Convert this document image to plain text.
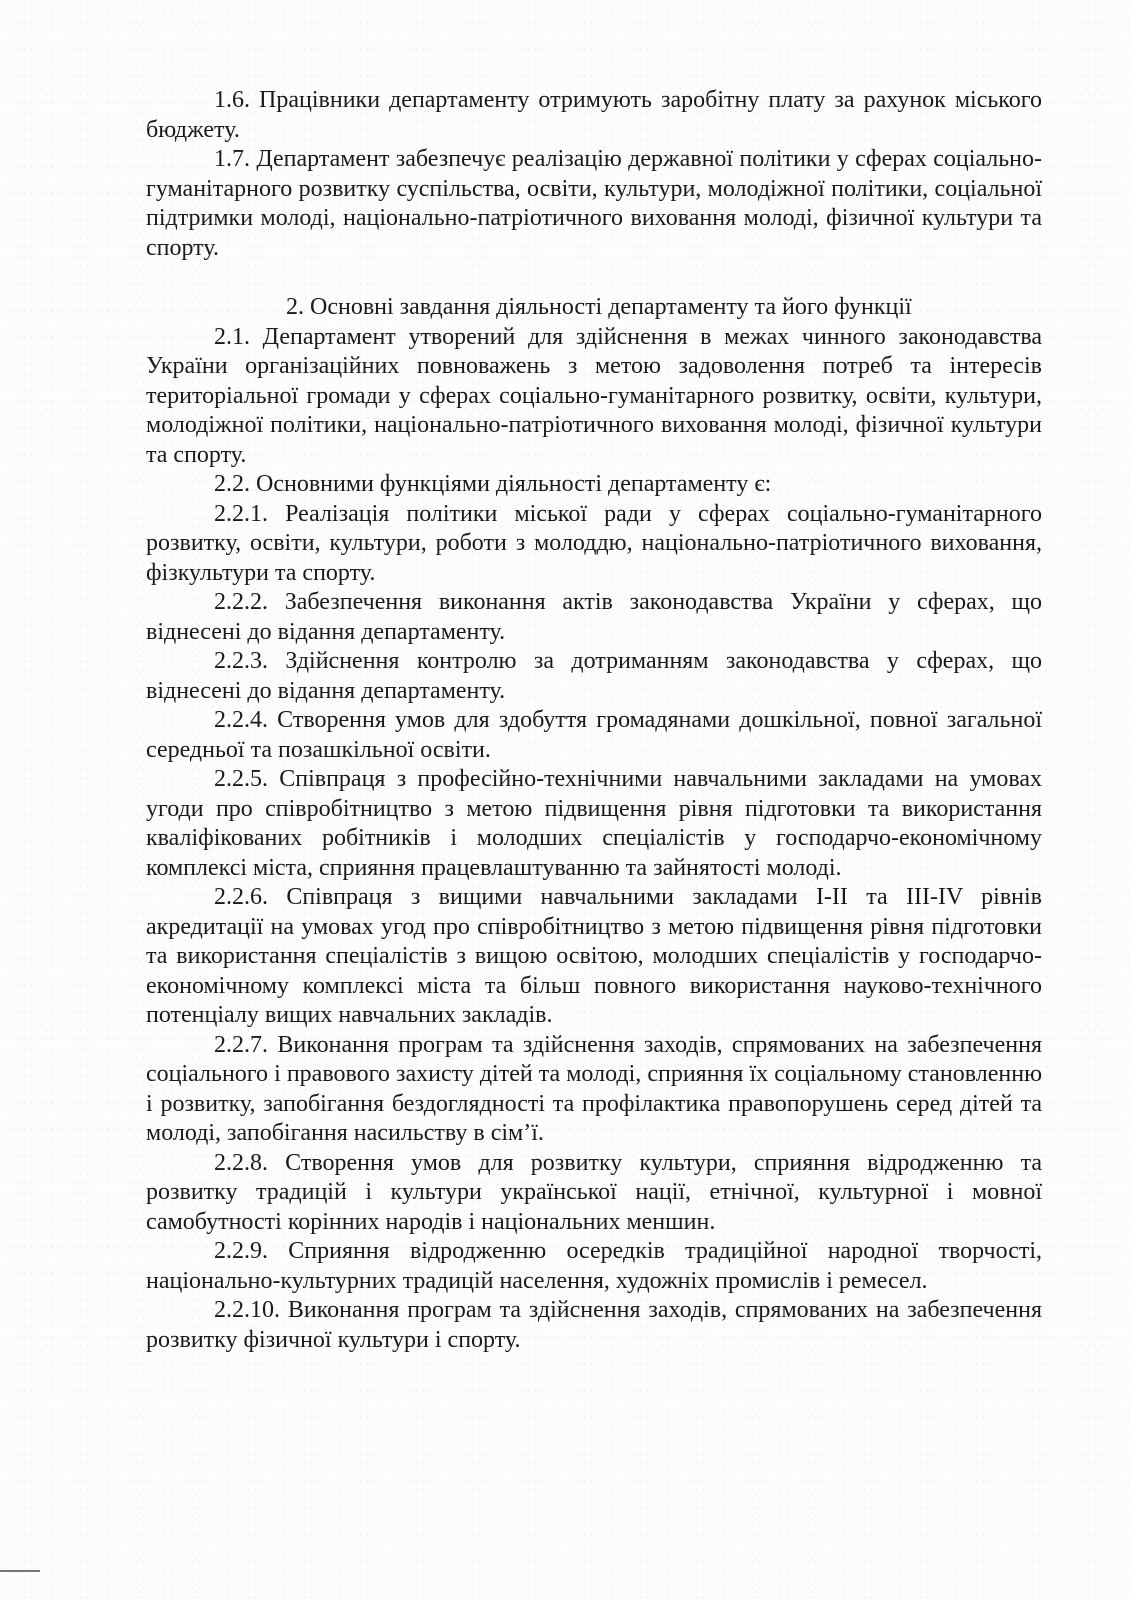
1.6. Працівники департаменту отримують заробітну плату за рахунок міського бюджету.

1.7. Департамент забезпечує реалізацію державної політики у сферах соціально-гуманітарного розвитку суспільства, освіти, культури, молодіжної політики, соціальної підтримки молоді, національно-патріотичного виховання молоді, фізичної культури та спорту.

2. Основні завдання діяльності департаменту та його функції

2.1. Департамент утворений для здійснення в межах чинного законодавства України організаційних повноважень з метою задоволення потреб та інтересів територіальної громади у сферах соціально-гуманітарного розвитку, освіти, культури, молодіжної політики, національно-патріотичного виховання молоді, фізичної культури та спорту.

2.2. Основними функціями діяльності департаменту є:

2.2.1. Реалізація політики міської ради у сферах соціально-гуманітарного розвитку, освіти, культури, роботи з молоддю, національно-патріотичного виховання, фізкультури та спорту.

2.2.2. Забезпечення виконання актів законодавства України у сферах, що віднесені до відання департаменту.

2.2.3. Здійснення контролю за дотриманням законодавства у сферах, що віднесені до відання департаменту.

2.2.4. Створення умов для здобуття громадянами дошкільної, повної загальної середньої та позашкільної освіти.

2.2.5. Співпраця з професійно-технічними навчальними закладами на умовах угоди про співробітництво з метою підвищення рівня підготовки та використання кваліфікованих робітників і молодших спеціалістів у господарчо-економічному комплексі міста, сприяння працевлаштуванню та зайнятості молоді.

2.2.6. Співпраця з вищими навчальними закладами І-ІІ та ІІІ-ІV рівнів акредитації на умовах угод про співробітництво з метою підвищення рівня підготовки та використання спеціалістів з вищою освітою, молодших спеціалістів у господарчо-економічному комплексі міста та більш повного використання науково-технічного потенціалу вищих навчальних закладів.

2.2.7. Виконання програм та здійснення заходів, спрямованих на забезпечення соціального і правового захисту дітей та молоді, сприяння їх соціальному становленню і розвитку, запобігання бездоглядності та профілактика правопорушень серед дітей та молоді, запобігання насильству в сім’ї.

2.2.8. Створення умов для розвитку культури, сприяння відродженню та розвитку традицій і культури української нації, етнічної, культурної і мовної самобутності корінних народів і національних меншин.

2.2.9. Сприяння відродженню осередків традиційної народної творчості, національно-культурних традицій населення, художніх промислів і ремесел.

2.2.10. Виконання програм та здійснення заходів, спрямованих на забезпечення розвитку фізичної культури і спорту.
